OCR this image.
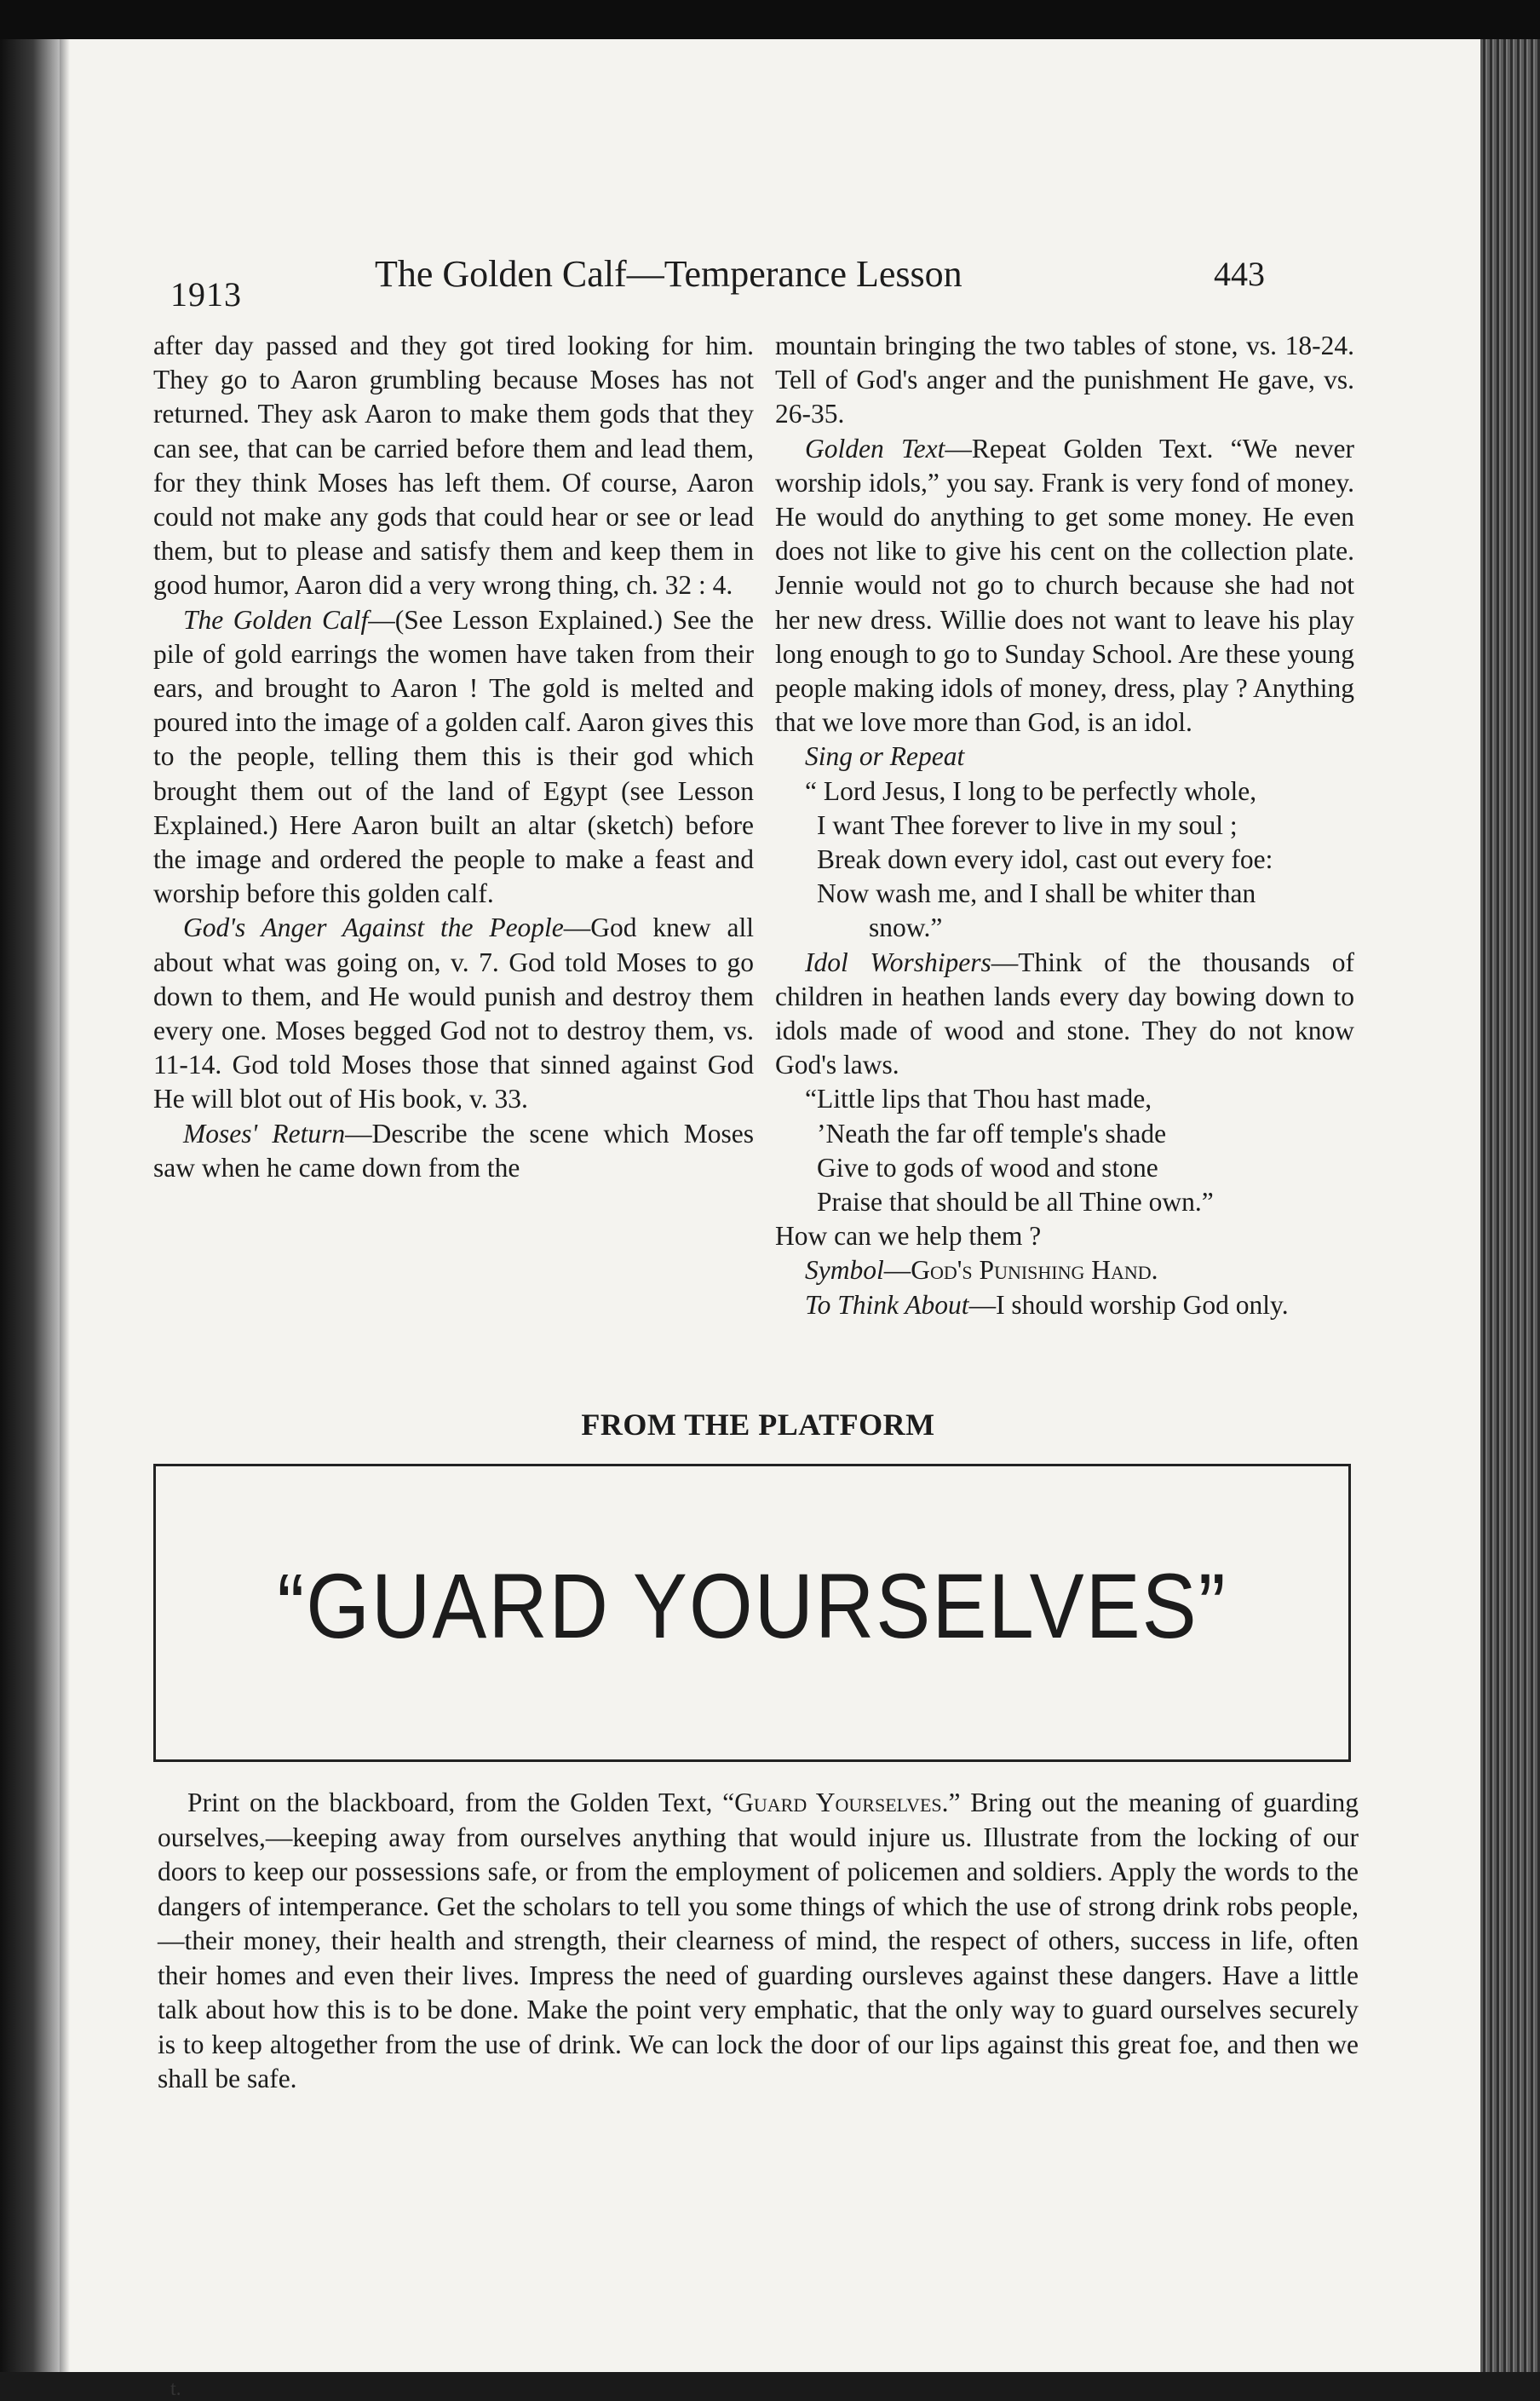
1913	The Golden Calf—Temperance Lesson	443

after day passed and they got tired looking for him. They go to Aaron grumbling because Moses has not returned. They ask Aaron to make them gods that they can see, that can be carried before them and lead them, for they think Moses has left them. Of course, Aaron could not make any gods that could hear or see or lead them, but to please and satisfy them and keep them in good humor, Aaron did a very wrong thing, ch. 32 : 4.

The Golden Calf—(See Lesson Explained.) See the pile of gold earrings the women have taken from their ears, and brought to Aaron ! The gold is melted and poured into the image of a golden calf. Aaron gives this to the people, telling them this is their god which brought them out of the land of Egypt (see Lesson Explained.) Here Aaron built an altar (sketch) before the image and ordered the people to make a feast and worship before this golden calf.

God's Anger Against the People—God knew all about what was going on, v. 7. God told Moses to go down to them, and He would punish and destroy them every one. Moses begged God not to destroy them, vs. 11-14. God told Moses those that sinned against God He will blot out of His book, v. 33.

Moses' Return—Describe the scene which Moses saw when he came down from the

mountain bringing the two tables of stone, vs. 18-24. Tell of God's anger and the punishment He gave, vs. 26-35.

Golden Text—Repeat Golden Text. “We never worship idols,” you say. Frank is very fond of money. He would do anything to get some money. He even does not like to give his cent on the collection plate. Jennie would not go to church because she had not her new dress. Willie does not want to leave his play long enough to go to Sunday School. Are these young people making idols of money, dress, play ? Anything that we love more than God, is an idol.

Sing or Repeat

“ Lord Jesus, I long to be perfectly whole,
I want Thee forever to live in my soul ;
Break down every idol, cast out every foe:
Now wash me, and I shall be whiter than
snow.”

Idol Worshipers—Think of the thousands of children in heathen lands every day bowing down to idols made of wood and stone. They do not know God's laws.

“Little lips that Thou hast made,
’Neath the far off temple's shade
Give to gods of wood and stone
Praise that should be all Thine own.”

How can we help them ?

Symbol—God's Punishing Hand.

To Think About—I should worship God only.

FROM THE PLATFORM
“GUARD YOURSELVES”

Print on the blackboard, from the Golden Text, “Guard Yourselves.” Bring out the meaning of guarding ourselves,—keeping away from ourselves anything that would injure us. Illustrate from the locking of our doors to keep our possessions safe, or from the employment of policemen and soldiers. Apply the words to the dangers of intemperance. Get the scholars to tell you some things of which the use of strong drink robs people,—their money, their health and strength, their clearness of mind, the respect of others, success in life, often their homes and even their lives. Impress the need of guarding oursleves against these dangers. Have a little talk about how this is to be done. Make the point very emphatic, that the only way to guard ourselves securely is to keep altogether from the use of drink. We can lock the door of our lips against this great foe, and then we shall be safe.

t.
